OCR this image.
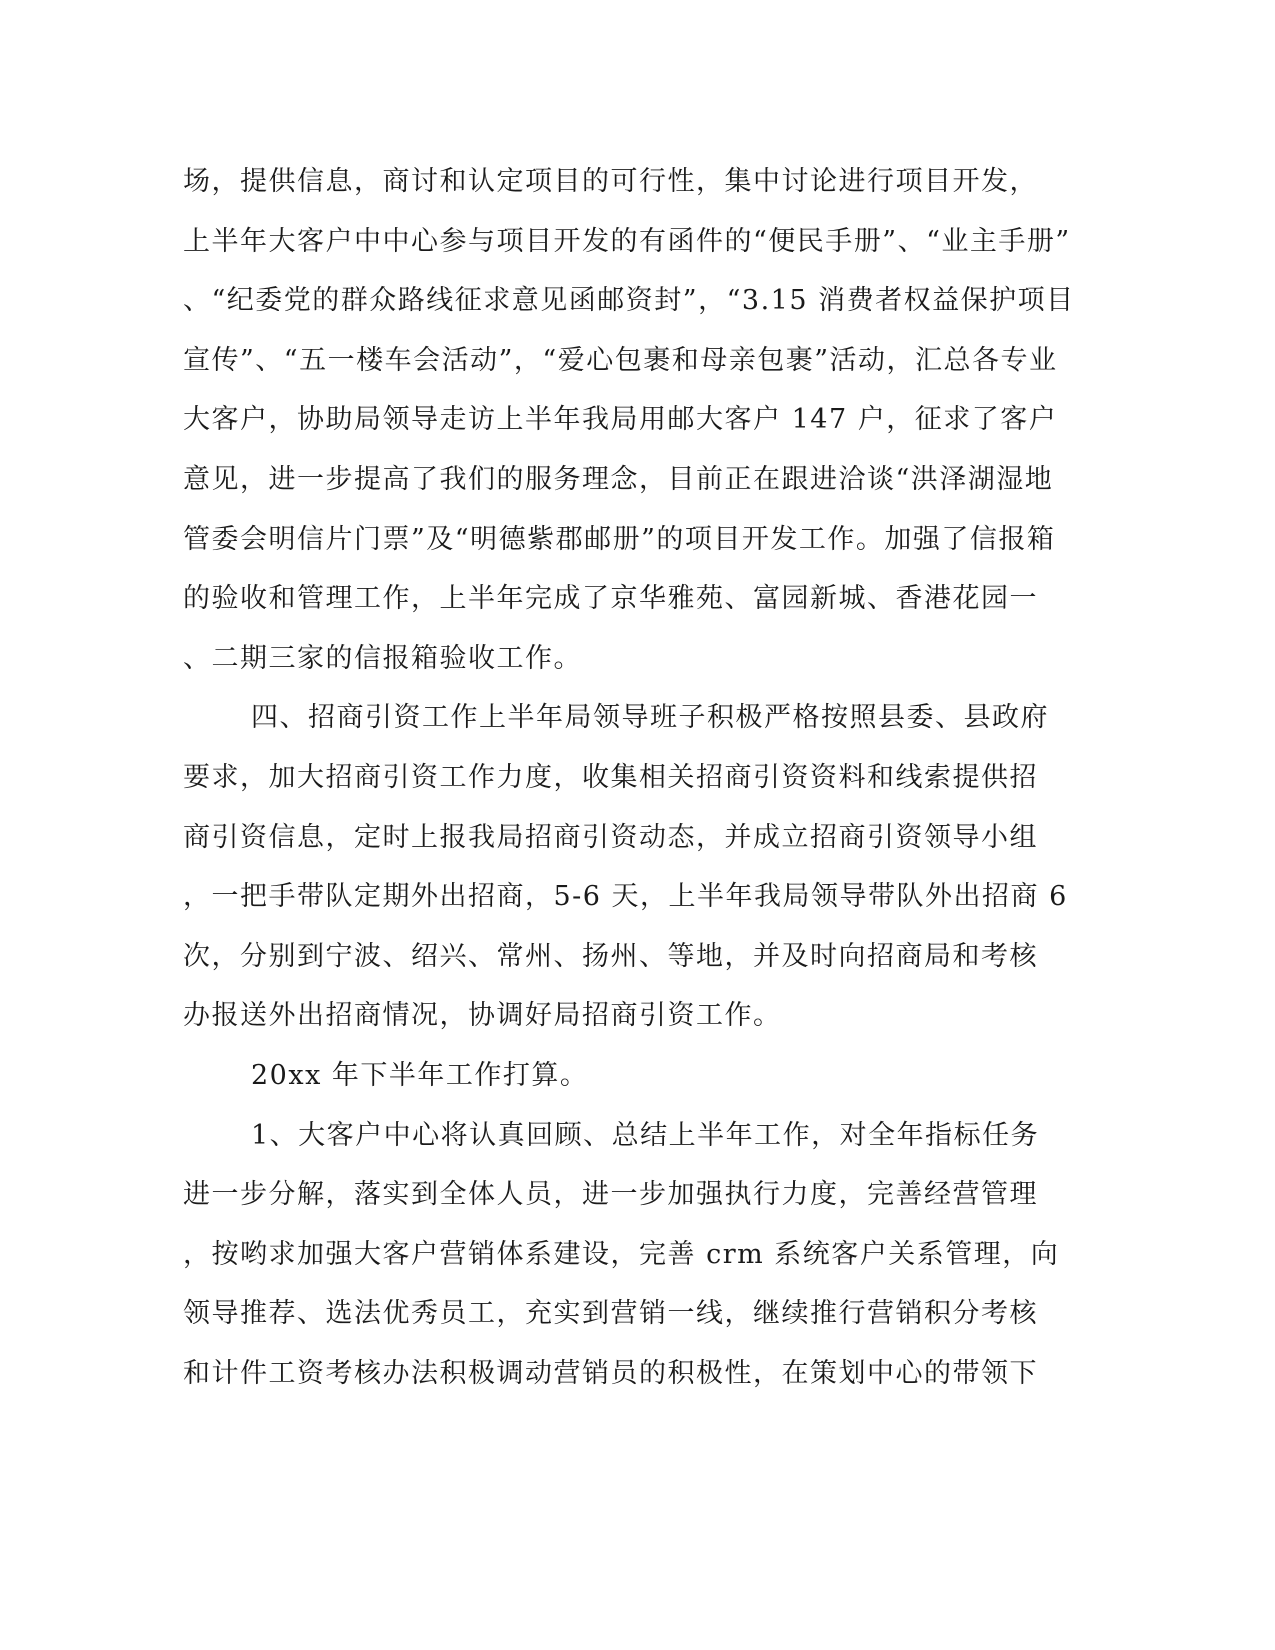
场，提供信息，商讨和认定项目的可行性，集中讨论进行项目开发，
上半年大客户中中心参与项目开发的有函件的“便民手册”、“业主手册”
、“纪委党的群众路线征求意见函邮资封”，“3.15 消费者权益保护项目
宣传”、“五一楼车会活动”，“爱心包裹和母亲包裹”活动，汇总各专业
大客户，协助局领导走访上半年我局用邮大客户 147 户，征求了客户
意见，进一步提高了我们的服务理念，目前正在跟进洽谈“洪泽湖湿地
管委会明信片门票”及“明德紫郡邮册”的项目开发工作。加强了信报箱
的验收和管理工作，上半年完成了京华雅苑、富园新城、香港花园一
、二期三家的信报箱验收工作。
四、招商引资工作上半年局领导班子积极严格按照县委、县政府
要求，加大招商引资工作力度，收集相关招商引资资料和线索提供招
商引资信息，定时上报我局招商引资动态，并成立招商引资领导小组
，一把手带队定期外出招商，5-6 天，上半年我局领导带队外出招商 6
次，分别到宁波、绍兴、常州、扬州、等地，并及时向招商局和考核
办报送外出招商情况，协调好局招商引资工作。
20xx 年下半年工作打算。
1、大客户中心将认真回顾、总结上半年工作，对全年指标任务
进一步分解，落实到全体人员，进一步加强执行力度，完善经营管理
，按哟求加强大客户营销体系建设，完善 crm 系统客户关系管理，向
领导推荐、选法优秀员工，充实到营销一线，继续推行营销积分考核
和计件工资考核办法积极调动营销员的积极性，在策划中心的带领下
